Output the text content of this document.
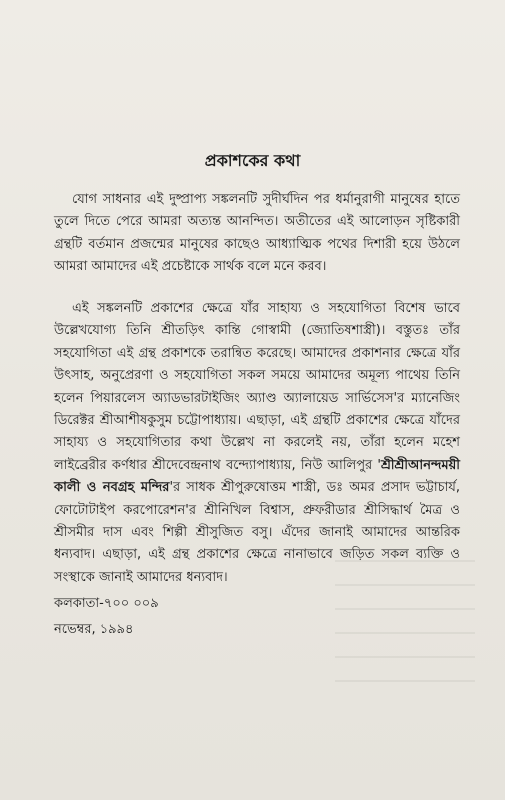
প্রকাশকের কথা

যোগ সাধনার এই দুষ্প্রাপ্য সঙ্কলনটি সুদীর্ঘদিন পর ধর্মানুরাগী মানুষের হাতে তুলে দিতে পেরে আমরা অত্যন্ত আনন্দিত। অতীতের এই আলোড়ন সৃষ্টিকারী গ্রন্থটি বর্তমান প্রজন্মের মানুষের কাছেও আধ্যাত্মিক পথের দিশারী হয়ে উঠলে আমরা আমাদের এই প্রচেষ্টাকে সার্থক বলে মনে করব।

এই সঙ্কলনটি প্রকাশের ক্ষেত্রে যাঁর সাহায্য ও সহযোগিতা বিশেষ ভাবে উল্লেখযোগ্য তিনি শ্রীতড়িৎ কান্তি গোস্বামী (জ্যোতিষশাস্ত্রী)। বস্তুতঃ তাঁর সহযোগিতা এই গ্রন্থ প্রকাশকে তরান্বিত করেছে। আমাদের প্রকাশনার ক্ষেত্রে যাঁর উৎসাহ, অনুপ্রেরণা ও সহযোগিতা সকল সময়ে আমাদের অমূল্য পাথেয় তিনি হলেন পিয়ারলেস অ্যাডভারটাইজিং অ্যাণ্ড অ্যালায়েড সার্ভিসেস'র ম্যানেজিং ডিরেক্টর শ্রীআশীষকুসুম চট্টোপাধ্যায়। এছাড়া, এই গ্রন্থটি প্রকাশের ক্ষেত্রে যাঁদের সাহায্য ও সহযোগিতার কথা উল্লেখ না করলেই নয়, তাঁরা হলেন মহেশ লাইব্রেরীর কর্ণধার শ্রীদেবেন্দ্রনাথ বন্দ্যোপাধ্যায়, নিউ আলিপুর 'শ্রীশ্রীআনন্দময়ী কালী ও নবগ্রহ মন্দির'র সাধক শ্রীপুরুষোত্তম শাস্ত্রী, ডঃ অমর প্রসাদ ভট্টাচার্য, ফোটোটাইপ করপোরেশন'র শ্রীনিখিল বিশ্বাস, প্রুফরীডার শ্রীসিদ্ধার্থ মৈত্র ও শ্রীসমীর দাস এবং শিল্পী শ্রীসুজিত বসু। এঁদের জানাই আমাদের আন্তরিক ধন্যবাদ। এছাড়া, এই গ্রন্থ প্রকাশের ক্ষেত্রে নানাভাবে জড়িত সকল ব্যক্তি ও সংস্থাকে জানাই আমাদের ধন্যবাদ।

কলকাতা-৭০০ ০০৯
নভেম্বর, ১৯৯৪
